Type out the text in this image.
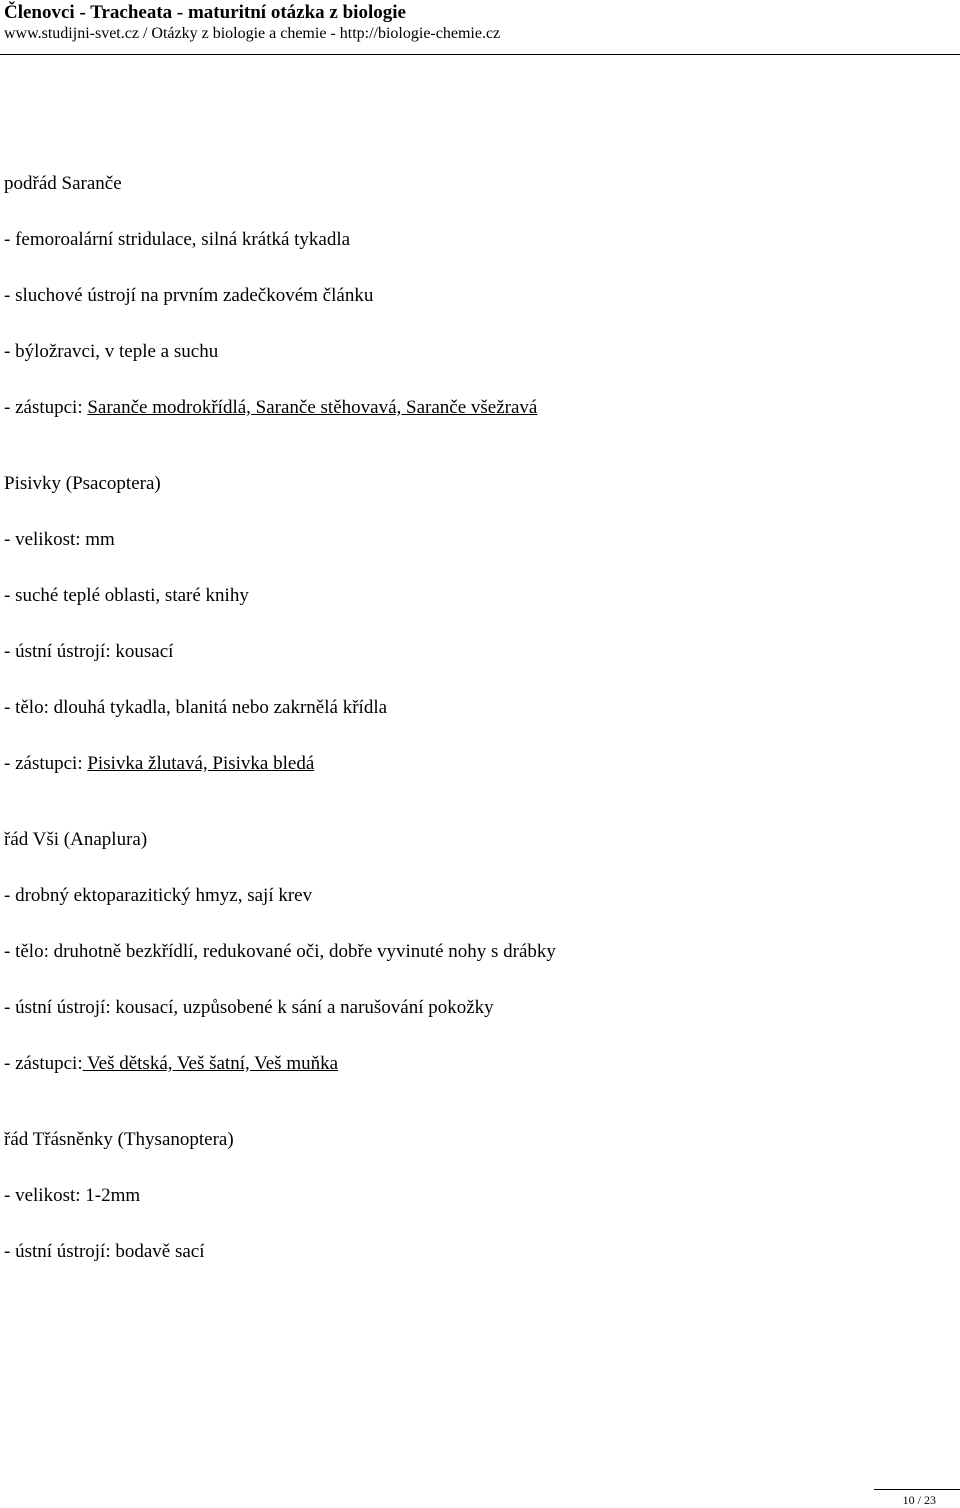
Členovci - Tracheata - maturitní otázka z biologie
www.studijni-svet.cz / Otázky z biologie a chemie - http://biologie-chemie.cz
podřád Saranče
- femoroalární stridulace, silná krátká tykadla
- sluchové ústrojí na prvním zadečkovém článku
- býložravci, v teple a suchu
- zástupci: Saranče modrokřídlá, Saranče stěhovavá, Saranče všežravá
Pisivky (Psacoptera)
- velikost: mm
- suché teplé oblasti, staré knihy
- ústní ústrojí: kousací
- tělo: dlouhá tykadla, blanitá nebo zakrnělá křídla
- zástupci: Pisivka žlutavá, Pisivka bledá
řád Vši (Anaplura)
- drobný ektoparazitický hmyz, sají krev
- tělo: druhotně bezkřídlí, redukované oči, dobře vyvinuté nohy s drábky
- ústní ústrojí: kousací, uzpůsobené k sání a narušování pokožky
- zástupci: Veš dětská, Veš šatní, Veš muňka
řád Třásněnky (Thysanoptera)
- velikost: 1-2mm
- ústní ústrojí: bodavě sací
10 / 23
